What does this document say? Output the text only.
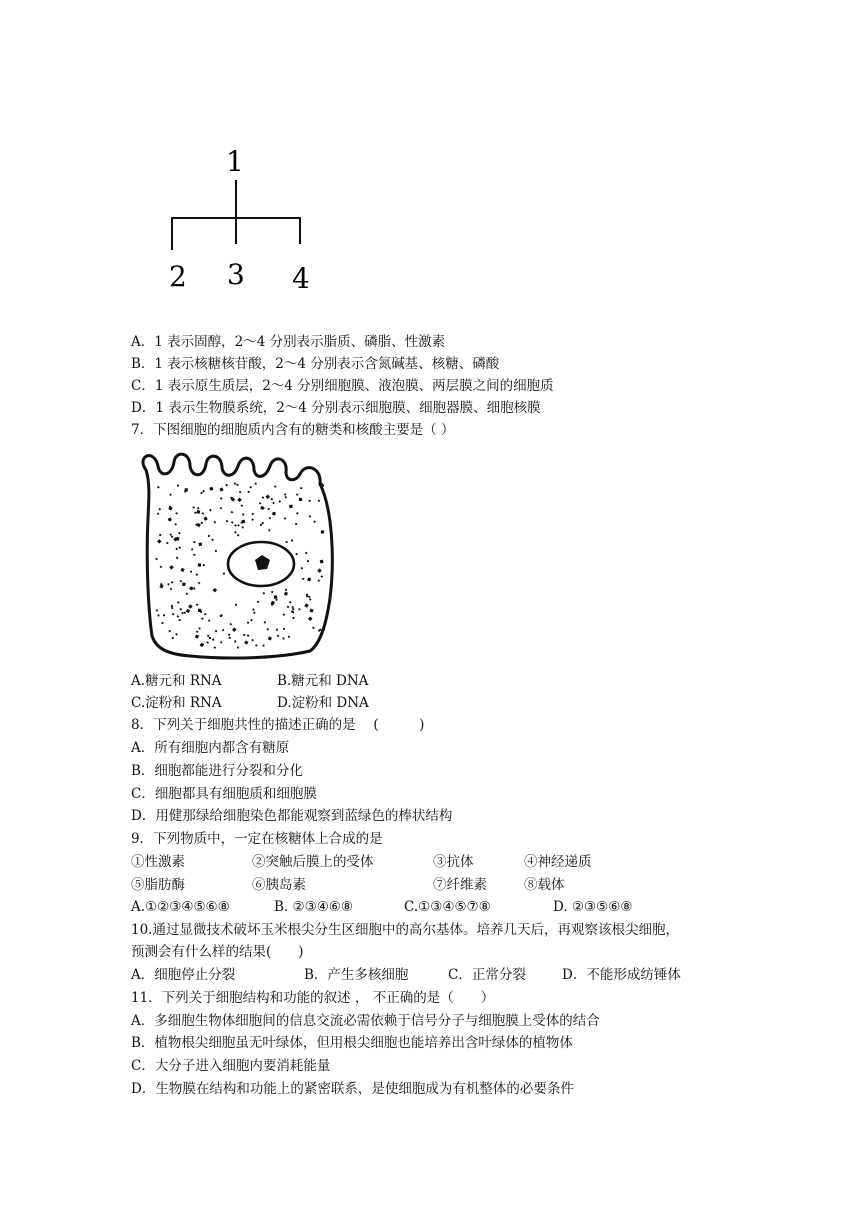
1
2 3 4
A．1 表示固醇，2～4 分别表示脂质、磷脂、性激素
B．1 表示核糖核苷酸，2～4 分别表示含氮碱基、核糖、磷酸
C．1 表示原生质层，2～4 分别细胞膜、液泡膜、两层膜之间的细胞质
D．1 表示生物膜系统，2～4 分别表示细胞膜、细胞器膜、细胞核膜
7．下图细胞的细胞质内含有的糖类和核酸主要是（ ）
A.糖元和 RNA	B.糖元和 DNA
C.淀粉和 RNA	D.淀粉和 DNA
8．下列关于细胞共性的描述正确的是　 (　　　)
A．所有细胞内都含有糖原
B．细胞都能进行分裂和分化
C．细胞都具有细胞质和细胞膜
D．用健那绿给细胞染色都能观察到蓝绿色的棒状结构
9．下列物质中，一定在核糖体上合成的是
①性激素	②突触后膜上的受体	③抗体	④神经递质
⑤脂肪酶	⑥胰岛素	⑦纤维素	⑧载体
A.①②③④⑤⑥⑧	B. ②③④⑥⑧	C.①③④⑤⑦⑧	D. ②③⑤⑥⑧
10.通过显微技术破坏玉米根尖分生区细胞中的高尔基体。培养几天后，再观察该根尖细胞，
预测会有什么样的结果(　　)
A．细胞停止分裂	B．产生多核细胞	C．正常分裂	D．不能形成纺锤体
11．下列关于细胞结构和功能的叙述 ， 不正确的是（　　）
A．多细胞生物体细胞间的信息交流必需依赖于信号分子与细胞膜上受体的结合
B．植物根尖细胞虽无叶绿体，但用根尖细胞也能培养出含叶绿体的植物体
C．大分子进入细胞内要消耗能量
D．生物膜在结构和功能上的紧密联系，是使细胞成为有机整体的必要条件
